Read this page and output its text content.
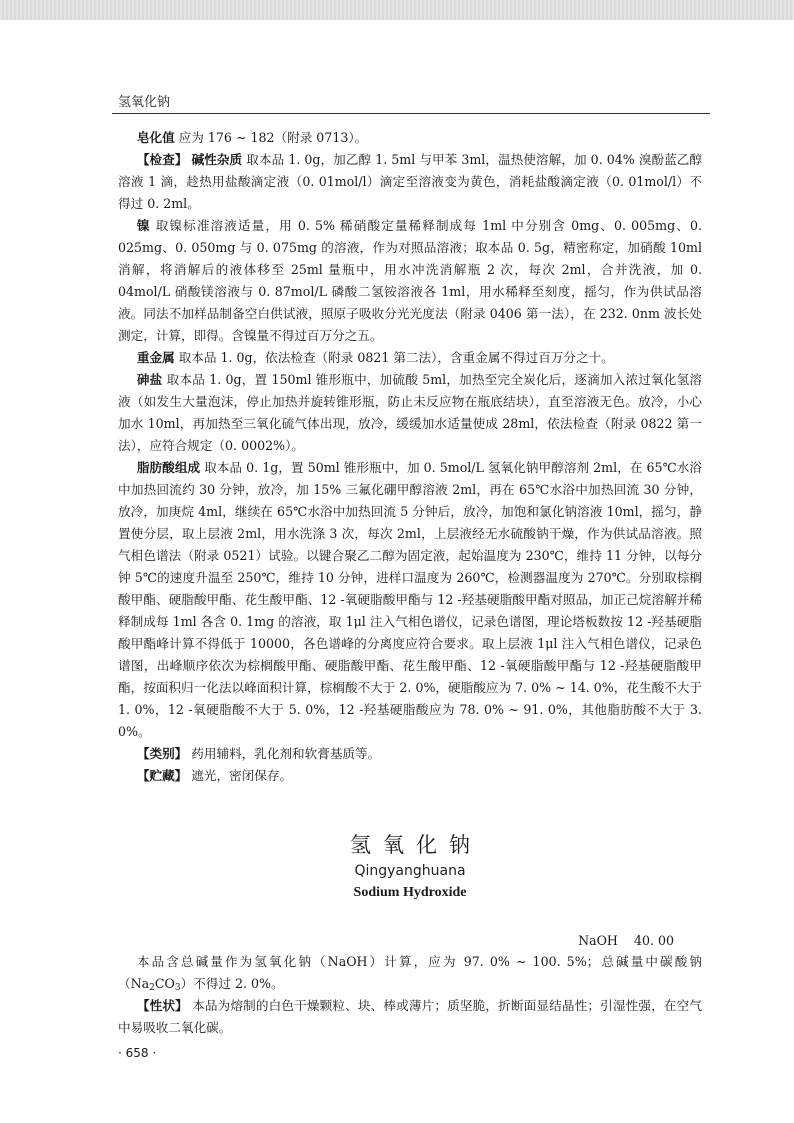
氢氧化钠

皂化值 应为 176 ~ 182（附录 0713）。

【检查】 碱性杂质 取本品 1. 0g，加乙醇 1. 5ml 与甲苯 3ml，温热使溶解，加 0. 04% 溴酚蓝乙醇溶液 1 滴，趁热用盐酸滴定液（0. 01mol/l）滴定至溶液变为黄色，消耗盐酸滴定液（0. 01mol/l）不得过 0. 2ml。

镍 取镍标准溶液适量，用 0. 5% 稀硝酸定量稀释制成每 1ml 中分别含 0mg、0. 005mg、0. 025mg、0. 050mg 与 0. 075mg 的溶液，作为对照品溶液；取本品 0. 5g，精密称定，加硝酸 10ml 消解，将消解后的液体移至 25ml 量瓶中，用水冲洗消解瓶 2 次，每次 2ml，合并洗液，加 0. 04mol/L 硝酸镁溶液与 0. 87mol/L 磷酸二氢铵溶液各 1ml，用水稀释至刻度，摇匀，作为供试品溶液。同法不加样品制备空白供试液，照原子吸收分光光度法（附录 0406 第一法），在 232. 0nm 波长处测定，计算，即得。含镍量不得过百万分之五。

重金属 取本品 1. 0g，依法检查（附录 0821 第二法），含重金属不得过百万分之十。

砷盐 取本品 1. 0g，置 150ml 锥形瓶中，加硫酸 5ml，加热至完全炭化后，逐滴加入浓过氧化氢溶液（如发生大量泡沫，停止加热并旋转锥形瓶，防止未反应物在瓶底结块），直至溶液无色。放冷，小心加水 10ml，再加热至三氧化硫气体出现，放冷，缓缓加水适量使成 28ml，依法检查（附录 0822 第一法），应符合规定（0. 0002%）。

脂肪酸组成 取本品 0. 1g，置 50ml 锥形瓶中，加 0. 5mol/L 氢氧化钠甲醇溶剂 2ml，在 65℃水浴中加热回流约 30 分钟，放冷，加 15% 三氟化硼甲醇溶液 2ml，再在 65℃水浴中加热回流 30 分钟，放冷，加庚烷 4ml，继续在 65℃水浴中加热回流 5 分钟后，放冷，加饱和氯化钠溶液 10ml，摇匀，静置使分层，取上层液 2ml，用水洗涤 3 次，每次 2ml，上层液经无水硫酸钠干燥，作为供试品溶液。照气相色谱法（附录 0521）试验。以键合聚乙二醇为固定液，起始温度为 230℃，维持 11 分钟，以每分钟 5℃的速度升温至 250℃，维持 10 分钟，进样口温度为 260℃，检测器温度为 270℃。分别取棕榈酸甲酯、硬脂酸甲酯、花生酸甲酯、12 -氧硬脂酸甲酯与 12 -羟基硬脂酸甲酯对照品，加正己烷溶解并稀释制成每 1ml 各含 0. 1mg 的溶液，取 1μl 注入气相色谱仪，记录色谱图，理论塔板数按 12 -羟基硬脂酸甲酯峰计算不得低于 10000，各色谱峰的分离度应符合要求。取上层液 1μl 注入气相色谱仪，记录色谱图，出峰顺序依次为棕榈酸甲酯、硬脂酸甲酯、花生酸甲酯、12 -氧硬脂酸甲酯与 12 -羟基硬脂酸甲酯，按面积归一化法以峰面积计算，棕榈酸不大于 2. 0%，硬脂酸应为 7. 0% ~ 14. 0%，花生酸不大于 1. 0%，12 -氧硬脂酸不大于 5. 0%，12 -羟基硬脂酸应为 78. 0% ~ 91. 0%，其他脂肪酸不大于 3. 0%。

【类别】 药用辅料，乳化剂和软膏基质等。

【贮藏】 遮光，密闭保存。

氢氧化钠
Qingyanghuana
Sodium Hydroxide
NaOH 40. 00

本品含总碱量作为氢氧化钠（NaOH）计算，应为 97. 0% ~ 100. 5%；总碱量中碳酸钠$(Na_2CO_3)$不得过 2. 0%。

【性状】 本品为熔制的白色干燥颗粒、块、棒或薄片；质坚脆，折断面显结晶性；引湿性强，在空气中易吸收二氧化碳。

· 658 ·
